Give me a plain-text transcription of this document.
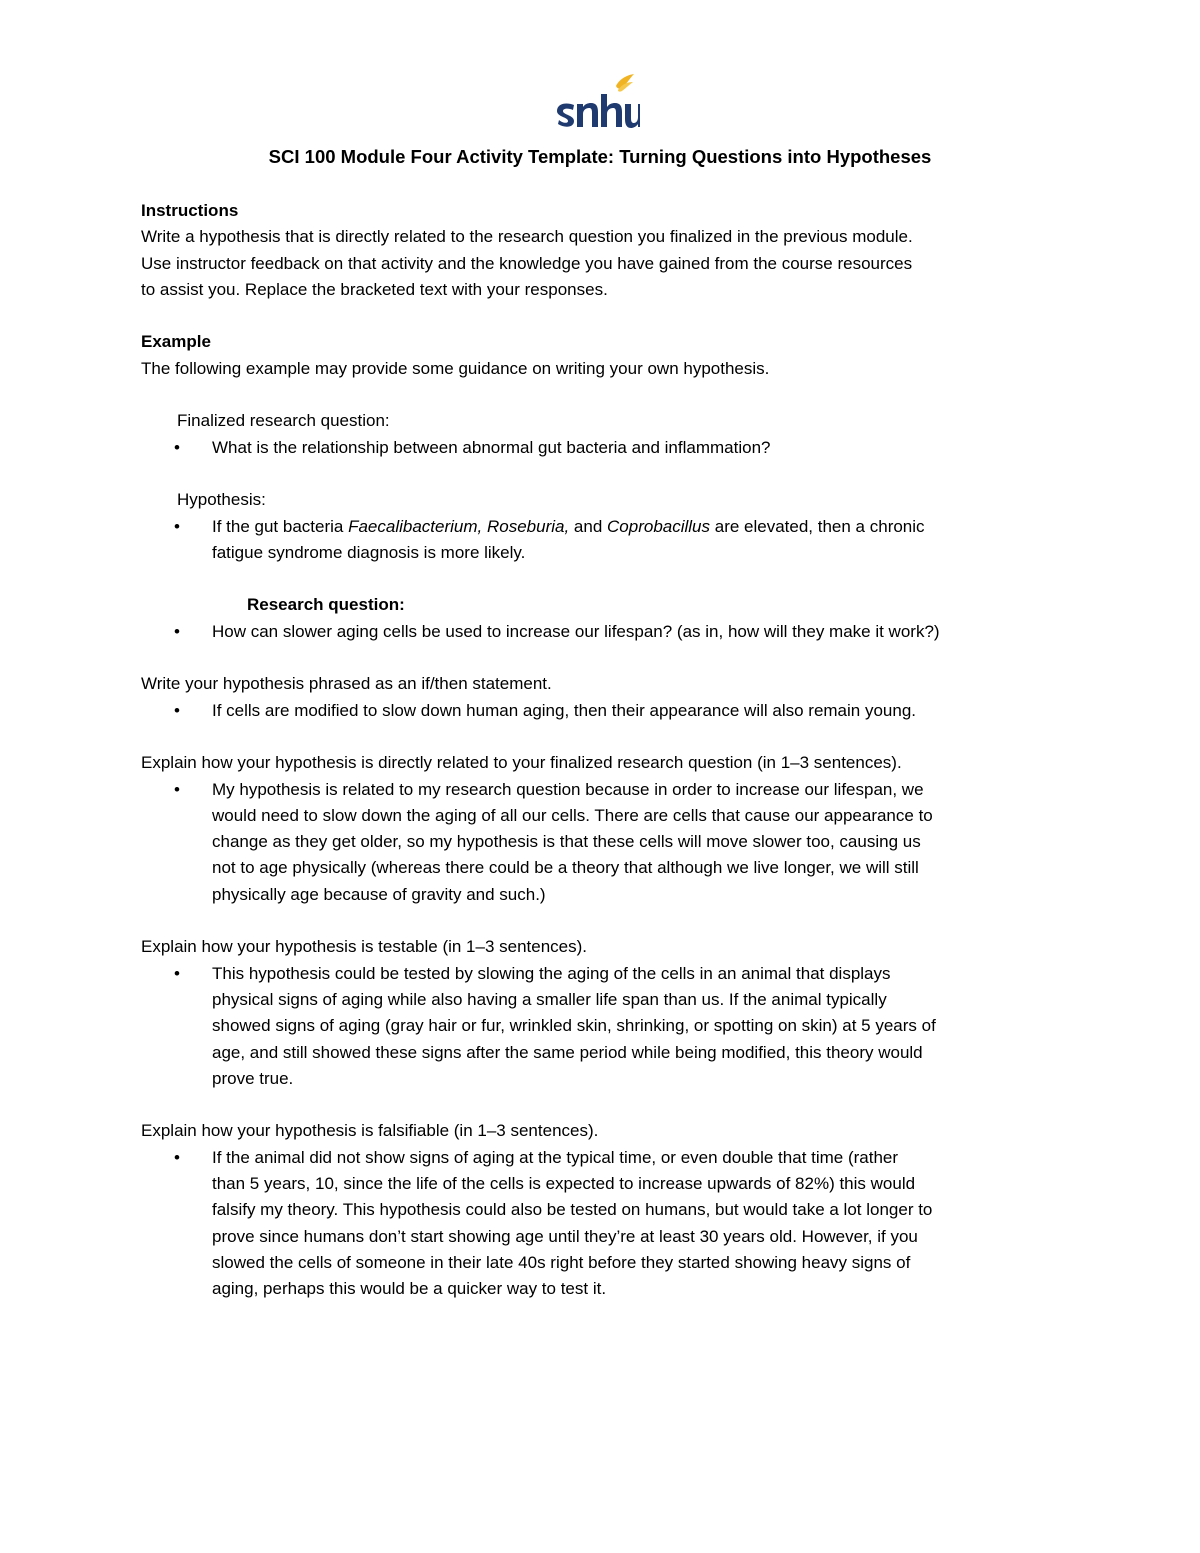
SCI 100 Module Four Activity Template: Turning Questions into Hypotheses
Instructions
Write a hypothesis that is directly related to the research question you finalized in the previous module.
Use instructor feedback on that activity and the knowledge you have gained from the course resources
to assist you. Replace the bracketed text with your responses.
Example
The following example may provide some guidance on writing your own hypothesis.
Finalized research question:
• What is the relationship between abnormal gut bacteria and inflammation?
Hypothesis:
• If the gut bacteria Faecalibacterium, Roseburia, and Coprobacillus are elevated, then a chronic
fatigue syndrome diagnosis is more likely.
Research question:
• How can slower aging cells be used to increase our lifespan? (as in, how will they make it work?)
Write your hypothesis phrased as an if/then statement.
• If cells are modified to slow down human aging, then their appearance will also remain young.
Explain how your hypothesis is directly related to your finalized research question (in 1–3 sentences).
• My hypothesis is related to my research question because in order to increase our lifespan, we
would need to slow down the aging of all our cells. There are cells that cause our appearance to
change as they get older, so my hypothesis is that these cells will move slower too, causing us
not to age physically (whereas there could be a theory that although we live longer, we will still
physically age because of gravity and such.)
Explain how your hypothesis is testable (in 1–3 sentences).
• This hypothesis could be tested by slowing the aging of the cells in an animal that displays
physical signs of aging while also having a smaller life span than us. If the animal typically
showed signs of aging (gray hair or fur, wrinkled skin, shrinking, or spotting on skin) at 5 years of
age, and still showed these signs after the same period while being modified, this theory would
prove true.
Explain how your hypothesis is falsifiable (in 1–3 sentences).
• If the animal did not show signs of aging at the typical time, or even double that time (rather
than 5 years, 10, since the life of the cells is expected to increase upwards of 82%) this would
falsify my theory. This hypothesis could also be tested on humans, but would take a lot longer to
prove since humans don’t start showing age until they’re at least 30 years old. However, if you
slowed the cells of someone in their late 40s right before they started showing heavy signs of
aging, perhaps this would be a quicker way to test it.
